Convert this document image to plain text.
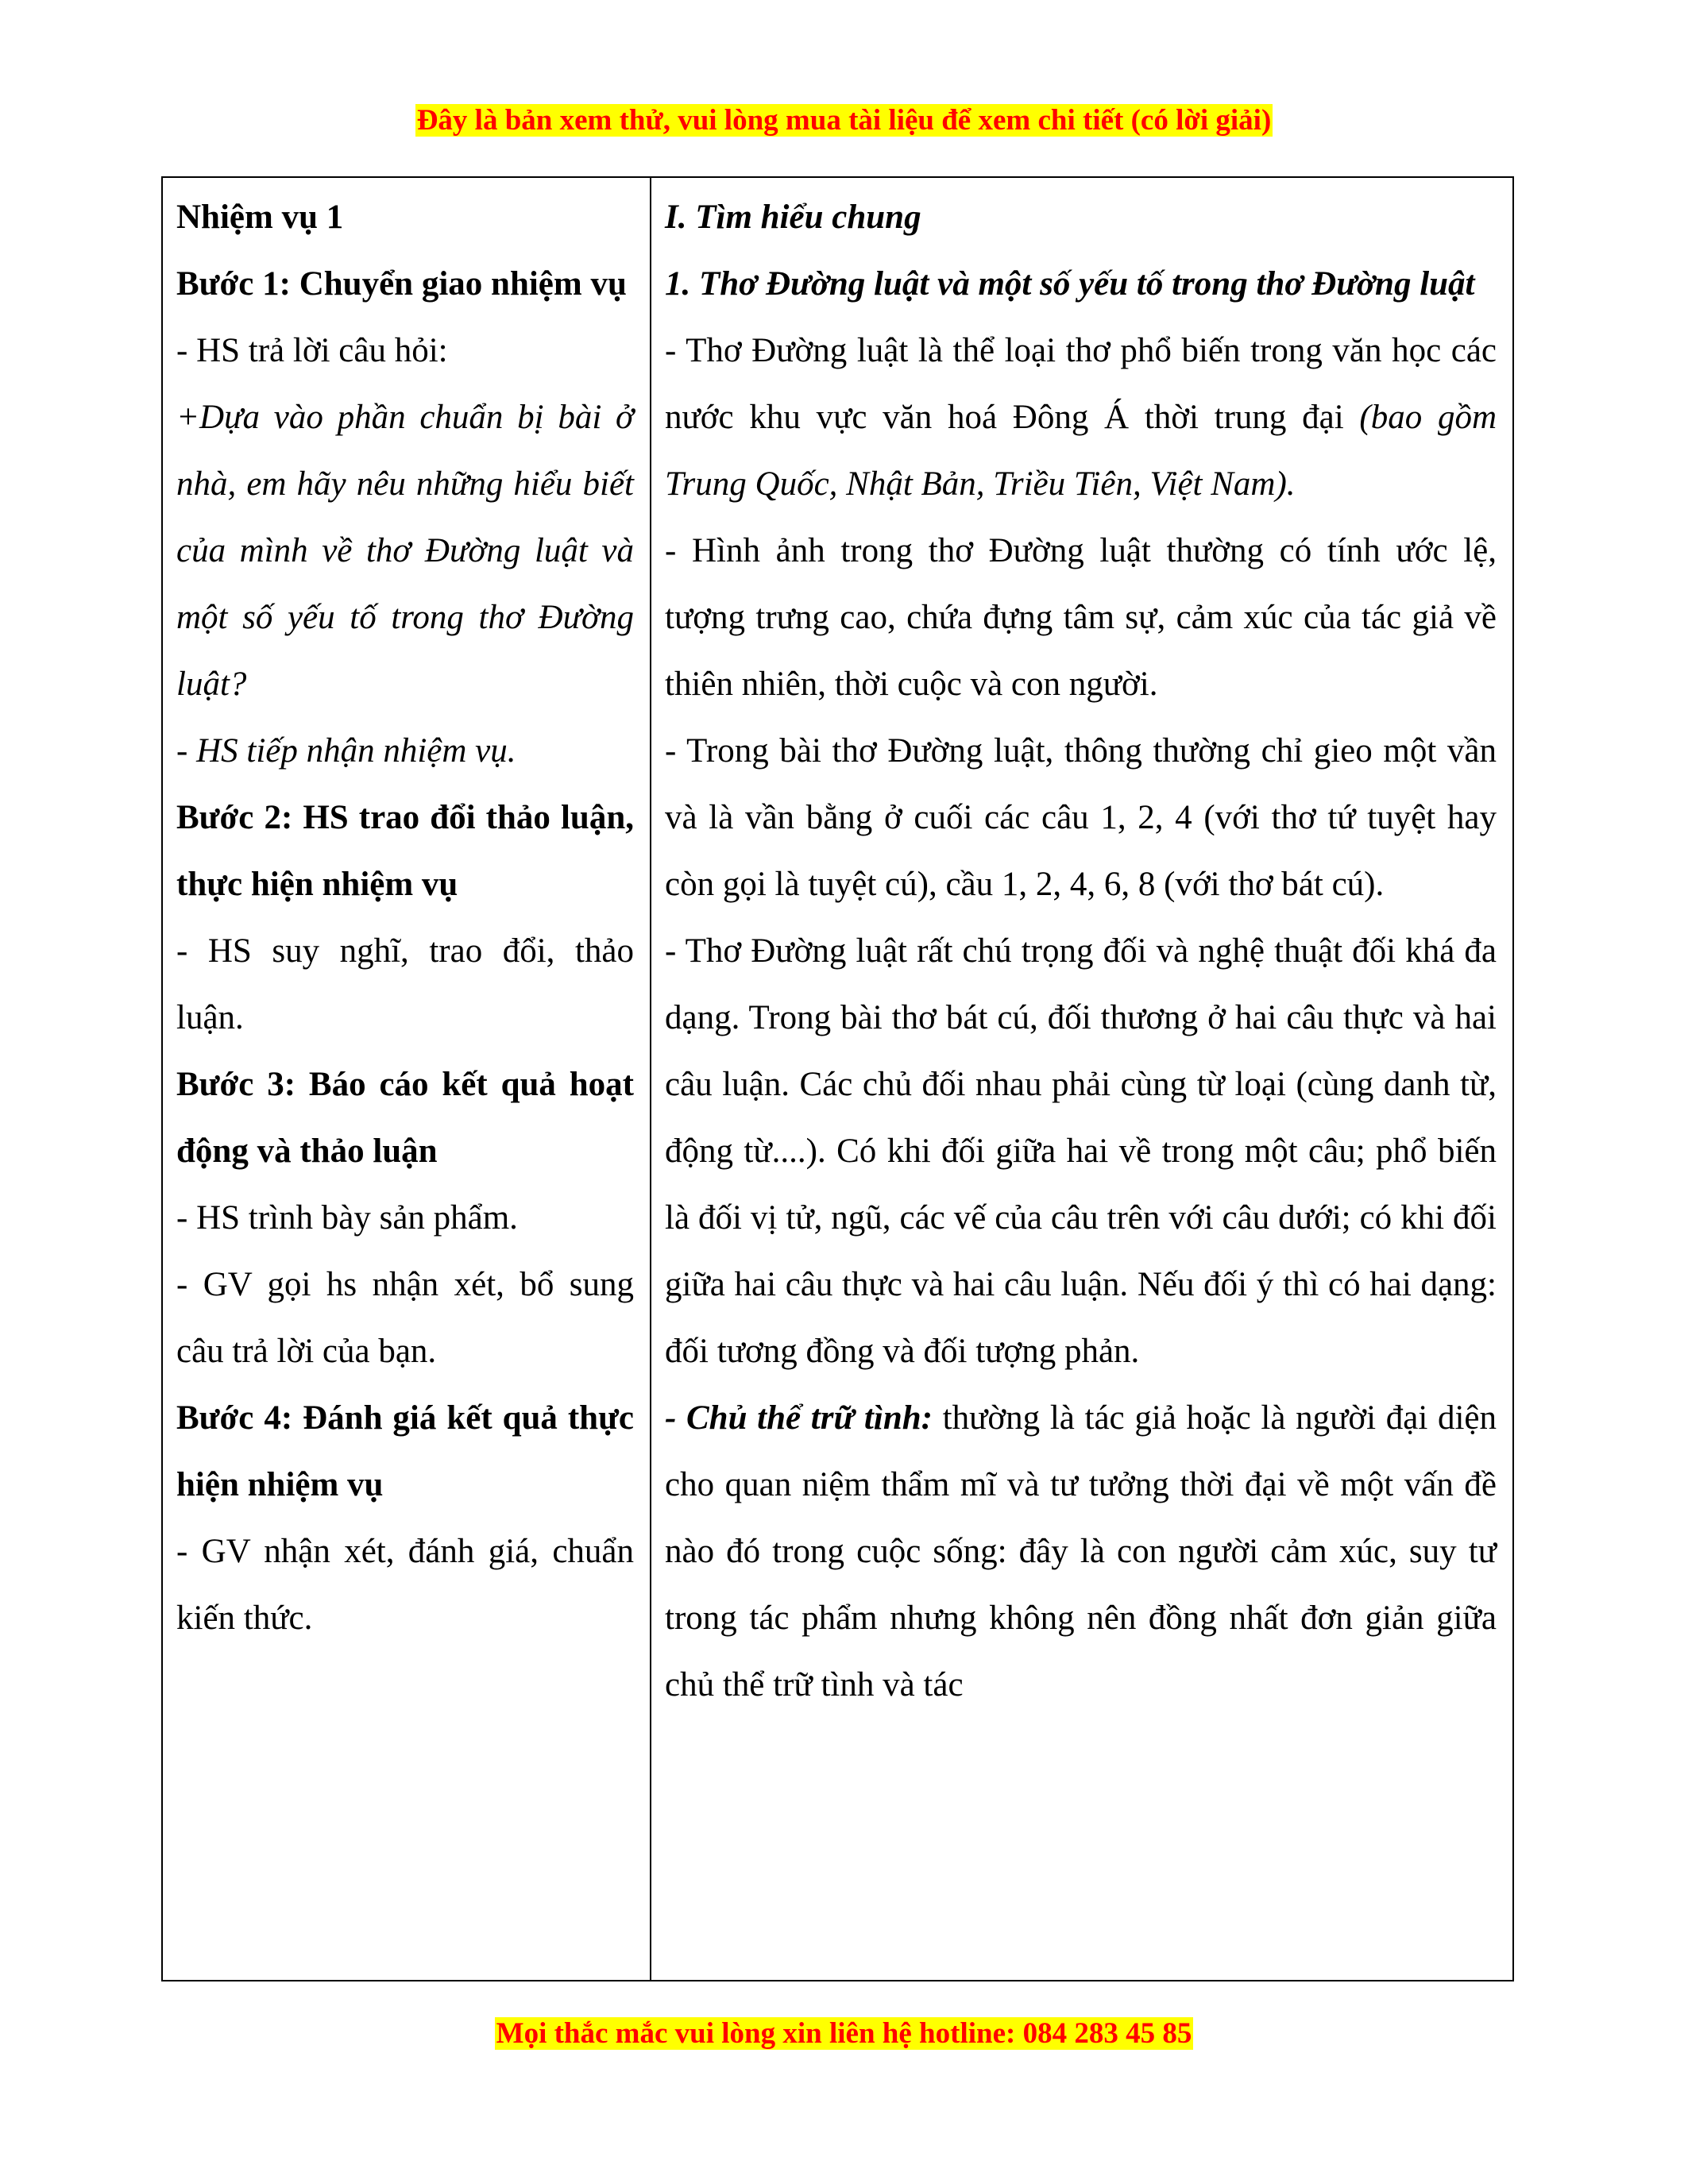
Đây là bản xem thử, vui lòng mua tài liệu để xem chi tiết (có lời giải)

Nhiệm vụ 1

Bước 1: Chuyển giao nhiệm vụ

- HS trả lời câu hỏi:

+Dựa vào phần chuẩn bị bài ở nhà, em hãy nêu những hiểu biết của mình về thơ Đường luật và một số yếu tố trong thơ Đường luật?

- HS tiếp nhận nhiệm vụ.

Bước 2: HS trao đổi thảo luận, thực hiện nhiệm vụ

- HS suy nghĩ, trao đổi, thảo luận.

Bước 3: Báo cáo kết quả hoạt động và thảo luận

- HS trình bày sản phẩm.

- GV gọi hs nhận xét, bổ sung câu trả lời của bạn.

Bước 4: Đánh giá kết quả thực hiện nhiệm vụ

- GV nhận xét, đánh giá, chuẩn kiến thức.

I. Tìm hiểu chung

1. Thơ Đường luật và một số yếu tố trong thơ Đường luật

- Thơ Đường luật là thể loại thơ phổ biến trong văn học các nước khu vực văn hoá Đông Á thời trung đại (bao gồm Trung Quốc, Nhật Bản, Triều Tiên, Việt Nam).

- Hình ảnh trong thơ Đường luật thường có tính ước lệ, tượng trưng cao, chứa đựng tâm sự, cảm xúc của tác giả về thiên nhiên, thời cuộc và con người.

- Trong bài thơ Đường luật, thông thường chỉ gieo một vần và là vần bằng ở cuối các câu 1, 2, 4 (với thơ tứ tuyệt hay còn gọi là tuyệt cú), cầu 1, 2, 4, 6, 8 (với thơ bát cú).

- Thơ Đường luật rất chú trọng đối và nghệ thuật đối khá đa dạng. Trong bài thơ bát cú, đối thương ở hai câu thực và hai câu luận. Các chủ đối nhau phải cùng từ loại (cùng danh từ, động từ....). Có khi đối giữa hai về trong một câu; phổ biến là đối vị tử, ngũ, các vế của câu trên với câu dưới; có khi đối giữa hai câu thực và hai câu luận. Nếu đối ý thì có hai dạng: đối tương đồng và đối tượng phản.

- Chủ thể trữ tình: thường là tác giả hoặc là người đại diện cho quan niệm thẩm mĩ và tư tưởng thời đại về một vấn đề nào đó trong cuộc sống: đây là con người cảm xúc, suy tư trong tác phẩm nhưng không nên đồng nhất đơn giản giữa chủ thể trữ tình và tác

Mọi thắc mắc vui lòng xin liên hệ hotline: 084 283 45 85
